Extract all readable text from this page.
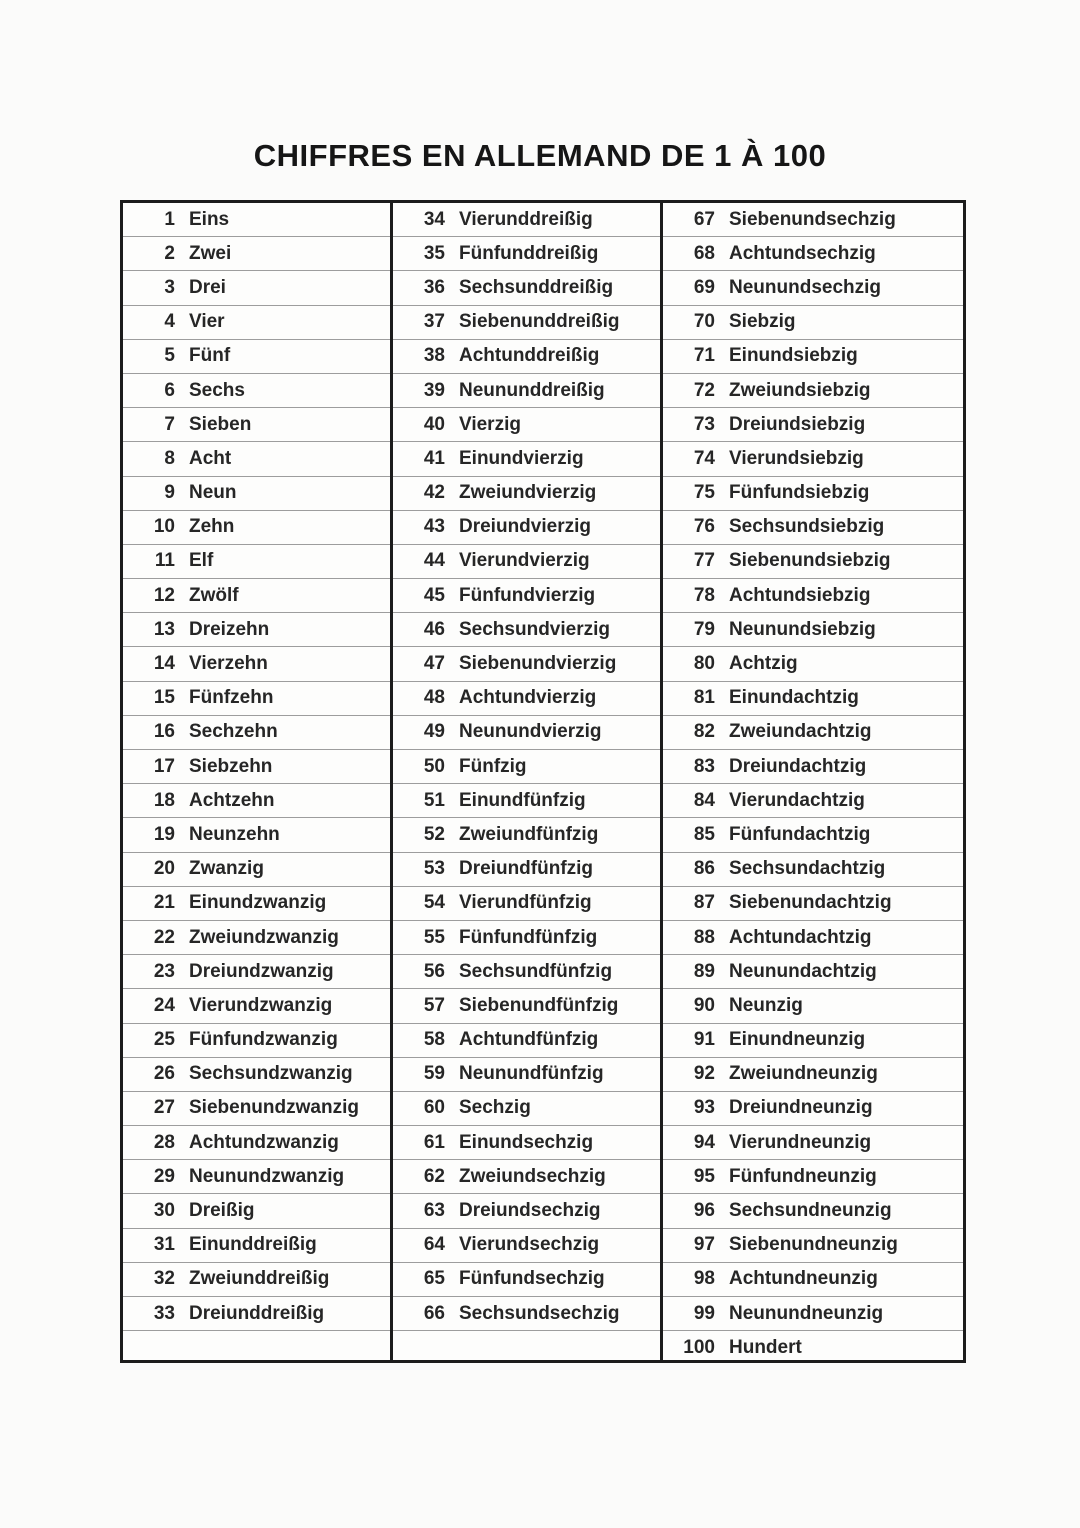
CHIFFRES EN ALLEMAND DE 1 À 100
1 Eins
2 Zwei
3 Drei
4 Vier
5 Fünf
6 Sechs
7 Sieben
8 Acht
9 Neun
10 Zehn
11 Elf
12 Zwölf
13 Dreizehn
14 Vierzehn
15 Fünfzehn
16 Sechzehn
17 Siebzehn
18 Achtzehn
19 Neunzehn
20 Zwanzig
21 Einundzwanzig
22 Zweiundzwanzig
23 Dreiundzwanzig
24 Vierundzwanzig
25 Fünfundzwanzig
26 Sechsundzwanzig
27 Siebenundzwanzig
28 Achtundzwanzig
29 Neunundzwanzig
30 Dreißig
31 Einunddreißig
32 Zweiunddreißig
33 Dreiunddreißig
34 Vierunddreißig
35 Fünfunddreißig
36 Sechsunddreißig
37 Siebenunddreißig
38 Achtunddreißig
39 Neununddreißig
40 Vierzig
41 Einundvierzig
42 Zweiundvierzig
43 Dreiundvierzig
44 Vierundvierzig
45 Fünfundvierzig
46 Sechsundvierzig
47 Siebenundvierzig
48 Achtundvierzig
49 Neunundvierzig
50 Fünfzig
51 Einundfünfzig
52 Zweiundfünfzig
53 Dreiundfünfzig
54 Vierundfünfzig
55 Fünfundfünfzig
56 Sechsundfünfzig
57 Siebenundfünfzig
58 Achtundfünfzig
59 Neunundfünfzig
60 Sechzig
61 Einundsechzig
62 Zweiundsechzig
63 Dreiundsechzig
64 Vierundsechzig
65 Fünfundsechzig
66 Sechsundsechzig
67 Siebenundsechzig
68 Achtundsechzig
69 Neunundsechzig
70 Siebzig
71 Einundsiebzig
72 Zweiundsiebzig
73 Dreiundsiebzig
74 Vierundsiebzig
75 Fünfundsiebzig
76 Sechsundsiebzig
77 Siebenundsiebzig
78 Achtundsiebzig
79 Neunundsiebzig
80 Achtzig
81 Einundachtzig
82 Zweiundachtzig
83 Dreiundachtzig
84 Vierundachtzig
85 Fünfundachtzig
86 Sechsundachtzig
87 Siebenundachtzig
88 Achtundachtzig
89 Neunundachtzig
90 Neunzig
91 Einundneunzig
92 Zweiundneunzig
93 Dreiundneunzig
94 Vierundneunzig
95 Fünfundneunzig
96 Sechsundneunzig
97 Siebenundneunzig
98 Achtundneunzig
99 Neunundneunzig
100 Hundert
